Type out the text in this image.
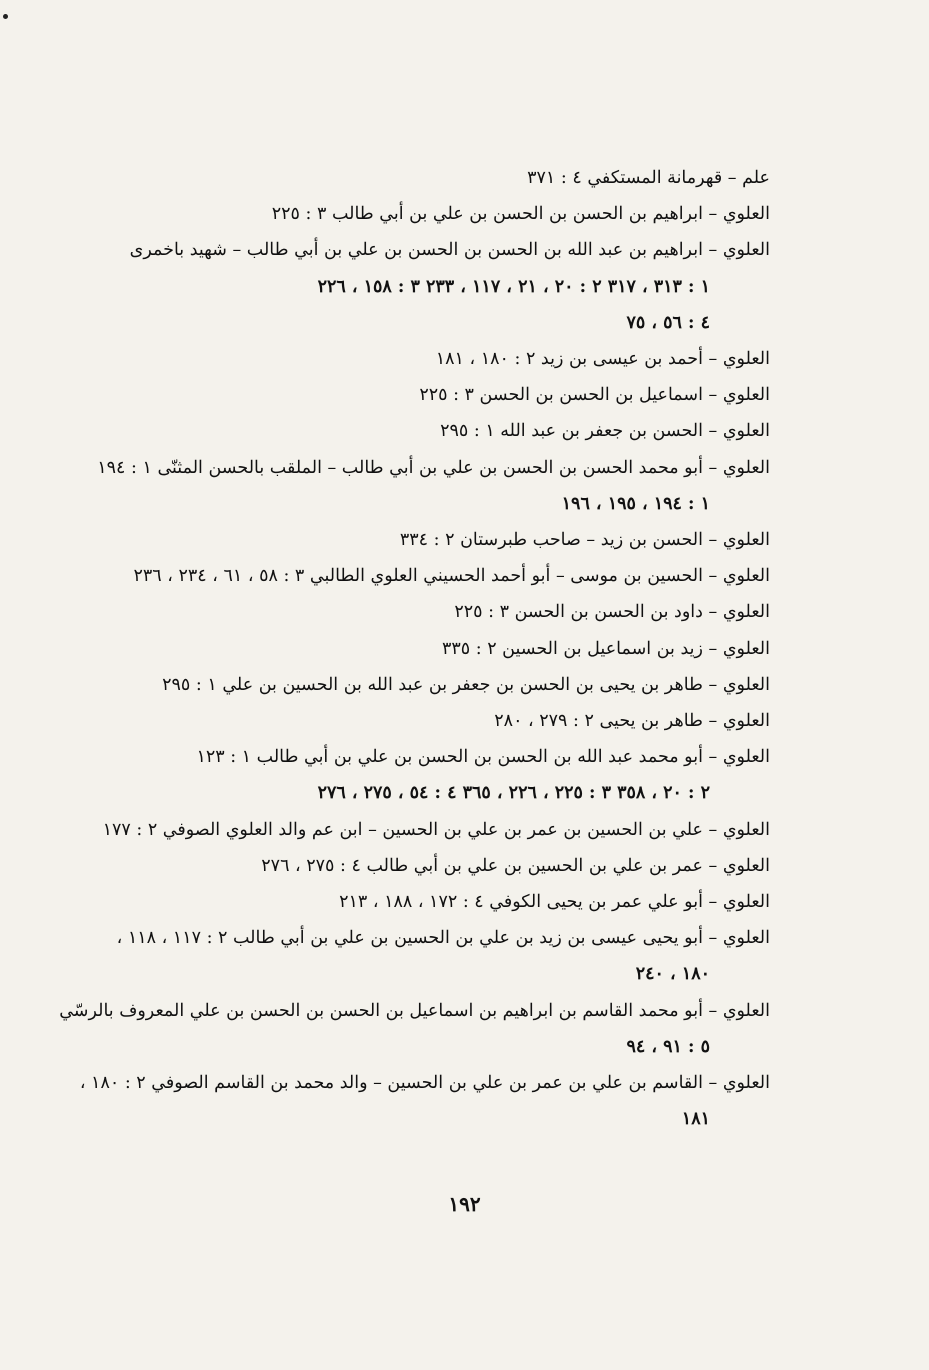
علم – قهرمانة المستكفي ٤ : ٣٧١
العلوي – ابراهيم بن الحسن بن الحسن بن علي بن أبي طالب ٣ : ٢٢٥
العلوي – ابراهيم بن عبد الله بن الحسن بن الحسن بن علي بن أبي طالب – شهيد باخمرى
١ : ٣١٣ ، ٣١٧ ٢ : ٢٠ ، ٢١ ، ١١٧ ، ٢٣٣ ٣ : ١٥٨ ، ٢٢٦
٤ : ٥٦ ، ٧٥
العلوي – أحمد بن عيسى بن زيد ٢ : ١٨٠ ، ١٨١
العلوي – اسماعيل بن الحسن بن الحسن ٣ : ٢٢٥
العلوي – الحسن بن جعفر بن عبد الله ١ : ٢٩٥
العلوي – أبو محمد الحسن بن الحسن بن علي بن أبي طالب – الملقب بالحسن المثنّى ١ : ١٩٤
١ : ١٩٤ ، ١٩٥ ، ١٩٦
العلوي – الحسن بن زيد – صاحب طبرستان ٢ : ٣٣٤
العلوي – الحسين بن موسى – أبو أحمد الحسيني العلوي الطالبي ٣ : ٥٨ ، ٦١ ، ٢٣٤ ، ٢٣٦
العلوي – داود بن الحسن بن الحسن ٣ : ٢٢٥
العلوي – زيد بن اسماعيل بن الحسين ٢ : ٣٣٥
العلوي – طاهر بن يحيى بن الحسن بن جعفر بن عبد الله بن الحسين بن علي ١ : ٢٩٥
العلوي – طاهر بن يحيى ٢ : ٢٧٩ ، ٢٨٠
العلوي – أبو محمد عبد الله بن الحسن بن الحسن بن علي بن أبي طالب ١ : ١٢٣
٢ : ٢٠ ، ٣٥٨ ٣ : ٢٢٥ ، ٢٢٦ ، ٣٦٥ ٤ : ٥٤ ، ٢٧٥ ، ٢٧٦
العلوي – علي بن الحسين بن عمر بن علي بن الحسين – ابن عم والد العلوي الصوفي ٢ : ١٧٧
العلوي – عمر بن علي بن الحسين بن علي بن أبي طالب ٤ : ٢٧٥ ، ٢٧٦
العلوي – أبو علي عمر بن يحيى الكوفي ٤ : ١٧٢ ، ١٨٨ ، ٢١٣
العلوي – أبو يحيى عيسى بن زيد بن علي بن الحسين بن علي بن أبي طالب ٢ : ١١٧ ، ١١٨ ،
١٨٠ ، ٢٤٠
العلوي – أبو محمد القاسم بن ابراهيم بن اسماعيل بن الحسن بن الحسن بن علي المعروف بالرسّي
٥ : ٩١ ، ٩٤
العلوي – القاسم بن علي بن عمر بن علي بن الحسين – والد محمد بن القاسم الصوفي ٢ : ١٨٠ ،
١٨١
١٩٢
